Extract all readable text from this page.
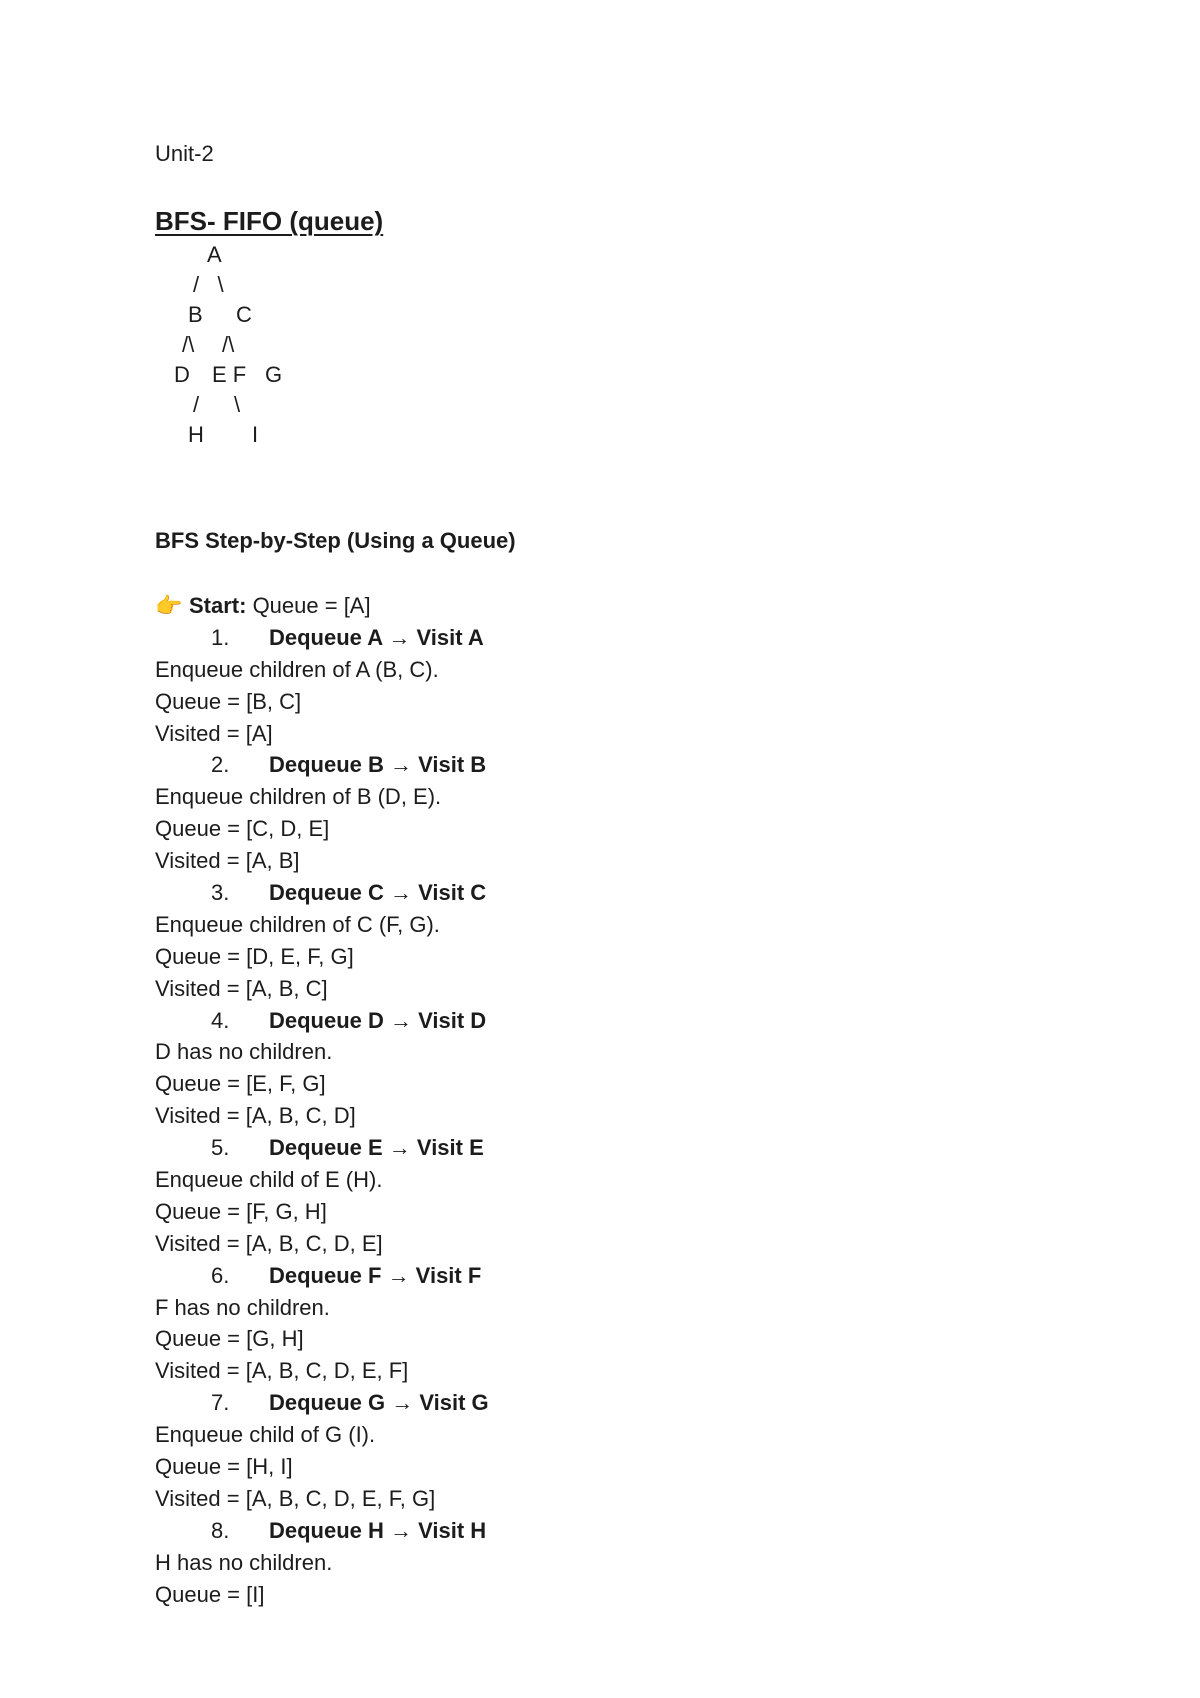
Unit-2
BFS- FIFO (queue)
A
/   \
B C
/\ /\
D E F G
/ \
H I
BFS Step-by-Step (Using a Queue)
👉 Start: Queue = [A]
1. Dequeue A → Visit A
Enqueue children of A (B, C).
Queue = [B, C]
Visited = [A]
2. Dequeue B → Visit B
Enqueue children of B (D, E).
Queue = [C, D, E]
Visited = [A, B]
3. Dequeue C → Visit C
Enqueue children of C (F, G).
Queue = [D, E, F, G]
Visited = [A, B, C]
4. Dequeue D → Visit D
D has no children.
Queue = [E, F, G]
Visited = [A, B, C, D]
5. Dequeue E → Visit E
Enqueue child of E (H).
Queue = [F, G, H]
Visited = [A, B, C, D, E]
6. Dequeue F → Visit F
F has no children.
Queue = [G, H]
Visited = [A, B, C, D, E, F]
7. Dequeue G → Visit G
Enqueue child of G (I).
Queue = [H, I]
Visited = [A, B, C, D, E, F, G]
8. Dequeue H → Visit H
H has no children.
Queue = [I]
